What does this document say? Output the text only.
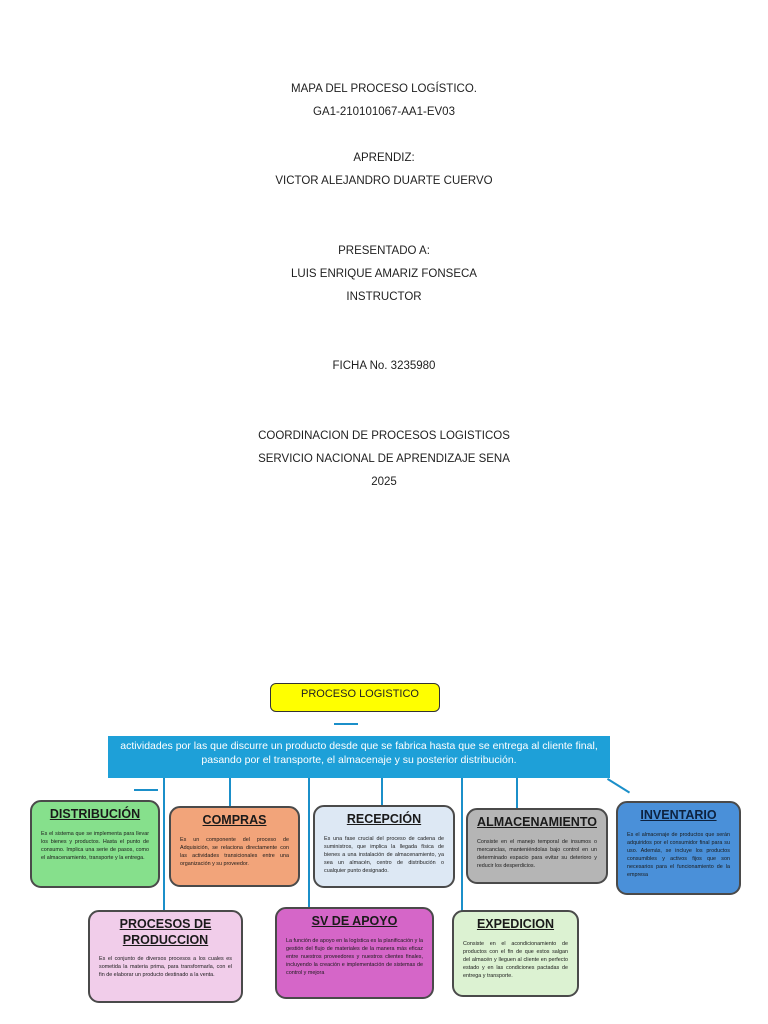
MAPA DEL PROCESO LOGÍSTICO.
GA1-210101067-AA1-EV03
APRENDIZ:
VICTOR ALEJANDRO DUARTE CUERVO
PRESENTADO A:
LUIS ENRIQUE AMARIZ FONSECA
INSTRUCTOR
FICHA No. 3235980
COORDINACION DE PROCESOS LOGISTICOS
SERVICIO NACIONAL DE APRENDIZAJE SENA
2025
PROCESO LOGISTICO
actividades por las que discurre un producto desde que se fabrica hasta que se entrega al cliente final, pasando por el transporte, el almacenaje y su posterior distribución.
DISTRIBUCIÓN
Es el sistema que se implementa para llevar los bienes y productos. Hasta el punto de consumo. Implica una serie de pasos, como el almacenamiento, transporte y la entrega.
COMPRAS
Es un componente del proceso de Adquisición, se relaciona directamente con las actividades transicionales entre una organización y su proveedor.
RECEPCIÓN
Es una fase crucial del proceso de cadena de suministros, que implica la llegada física de bienes a una instalación de almacenamiento, ya sea un almacén, centro de distribución o cualquier punto designado.
ALMACENAMIENTO
Consiste en el manejo temporal de insumos o mercancías, manteniéndolas bajo control en un determinado espacio para evitar su deterioro y reducir los desperdicios.
INVENTARIO
Es el almacenaje de productos que serán adquiridos por el consumidor final para su uso. Además, se incluye los productos consumibles y activos fijos que son necesarios para el funcionamiento de la empresa
PROCESOS DE PRODUCCION
Es el conjunto de diversos procesos a los cuales es sometida la materia prima, para transformarla, con el fin de elaborar un producto destinado a la venta.
SV DE APOYO
La función de apoyo en la logística es la planificación y la gestión del flujo de materiales de la manera más eficaz entre nuestros proveedores y nuestros clientes finales, incluyendo la creación e implementación de sistemas de control y mejora
EXPEDICION
Consiste en el acondicionamiento de productos con el fin de que estos salgan del almacén y lleguen al cliente en perfecto estado y en las condiciones pactadas de entrega y transporte.
